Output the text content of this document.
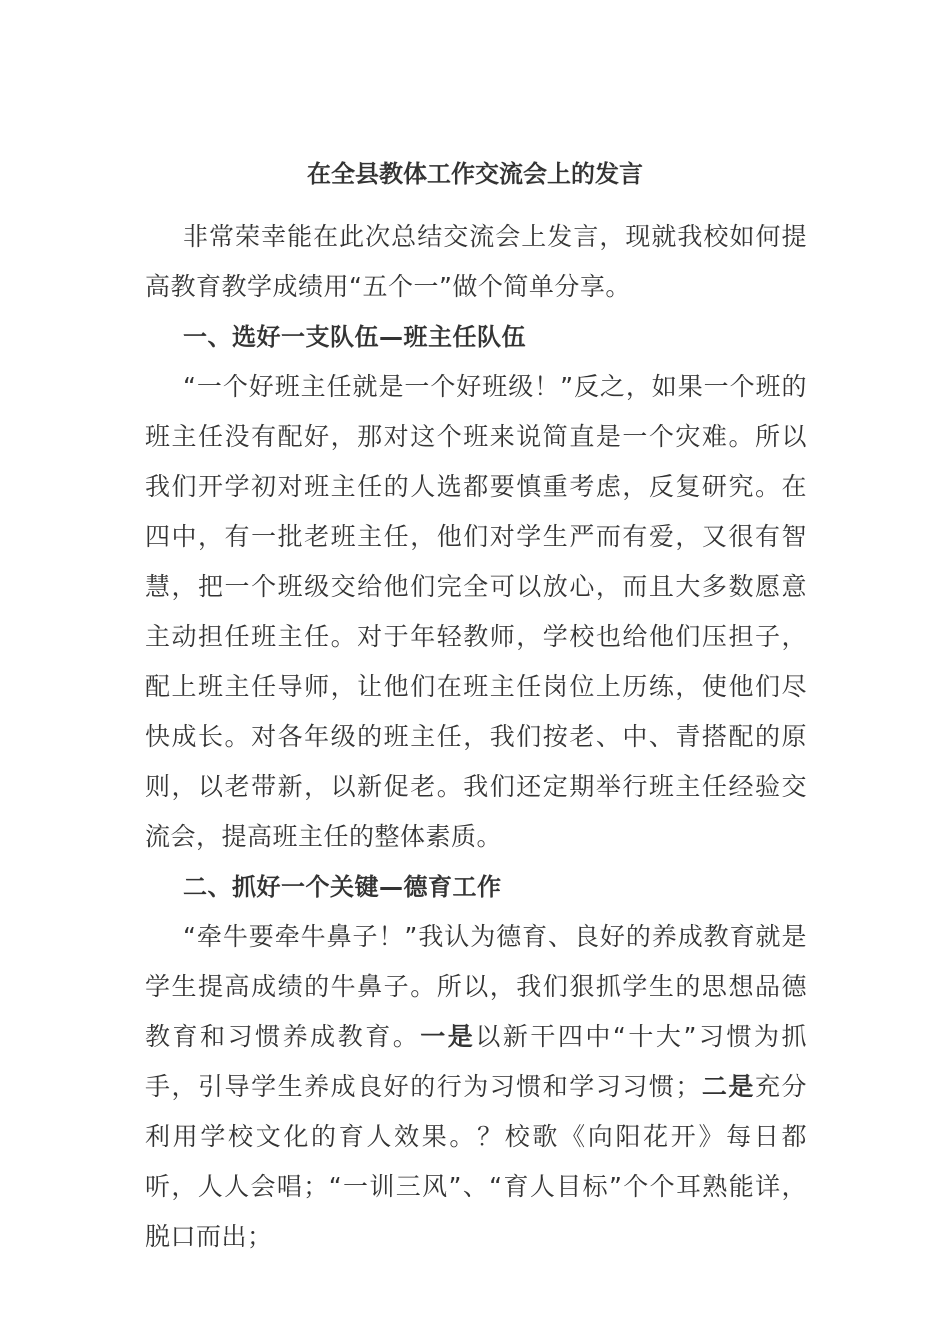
在全县教体工作交流会上的发言

非常荣幸能在此次总结交流会上发言，现就我校如何提高教育教学成绩用“五个一”做个简单分享。

一、选好一支队伍—班主任队伍

“一个好班主任就是一个好班级！”反之，如果一个班的班主任没有配好，那对这个班来说简直是一个灾难。所以我们开学初对班主任的人选都要慎重考虑，反复研究。在四中，有一批老班主任，他们对学生严而有爱，又很有智慧，把一个班级交给他们完全可以放心，而且大多数愿意主动担任班主任。对于年轻教师，学校也给他们压担子，配上班主任导师，让他们在班主任岗位上历练，使他们尽快成长。对各年级的班主任，我们按老、中、青搭配的原则，以老带新，以新促老。我们还定期举行班主任经验交流会，提高班主任的整体素质。

二、抓好一个关键—德育工作

“牵牛要牵牛鼻子！”我认为德育、良好的养成教育就是学生提高成绩的牛鼻子。所以，我们狠抓学生的思想品德教育和习惯养成教育。一是以新干四中“十大”习惯为抓手，引导学生养成良好的行为习惯和学习习惯；二是充分利用学校文化的育人效果。？校歌《向阳花开》每日都听，人人会唱；“一训三风”、“育人目标”个个耳熟能详，脱口而出；
